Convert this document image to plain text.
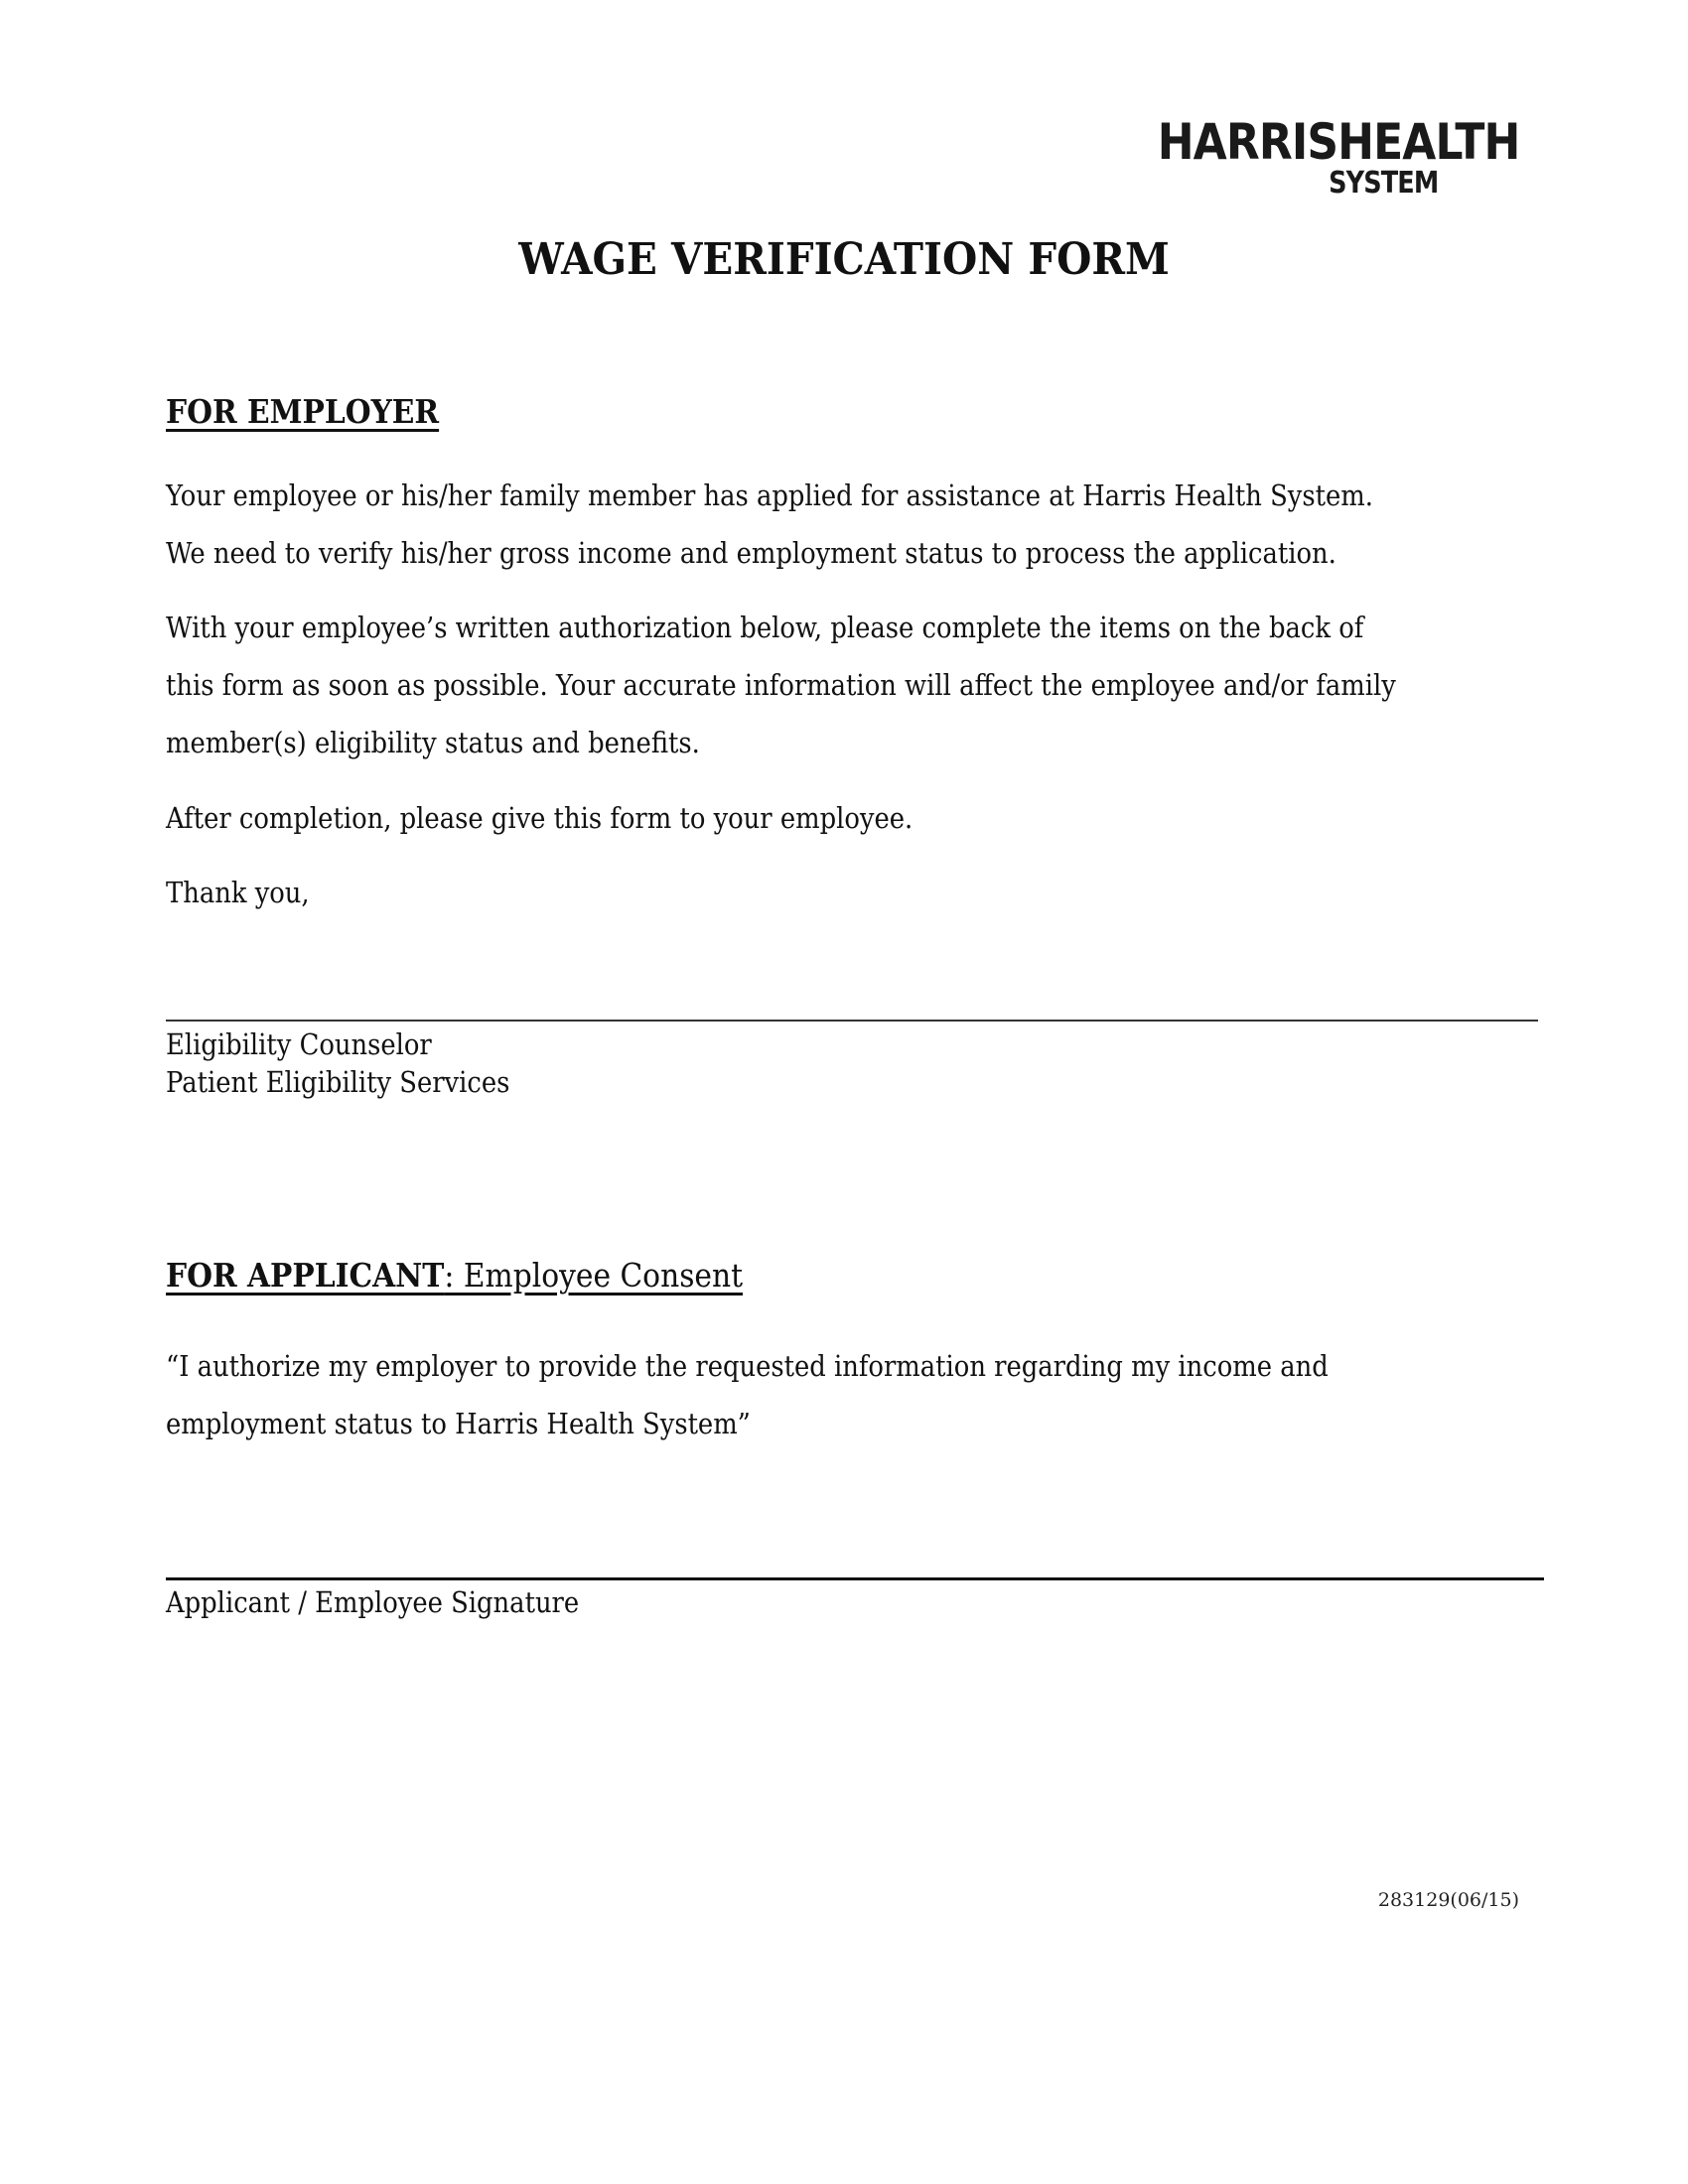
HARRISHEALTH
SYSTEM
WAGE VERIFICATION FORM
FOR EMPLOYER
Your employee or his/her family member has applied for assistance at Harris Health System.
We need to verify his/her gross income and employment status to process the application.
With your employee’s written authorization below, please complete the items on the back of
this form as soon as possible. Your accurate information will affect the employee and/or family
member(s) eligibility status and benefits.
After completion, please give this form to your employee.
Thank you,
Eligibility Counselor
Patient Eligibility Services
FOR APPLICANT: Employee Consent
“I authorize my employer to provide the requested information regarding my income and
employment status to Harris Health System”
Applicant / Employee Signature
283129(06/15)
